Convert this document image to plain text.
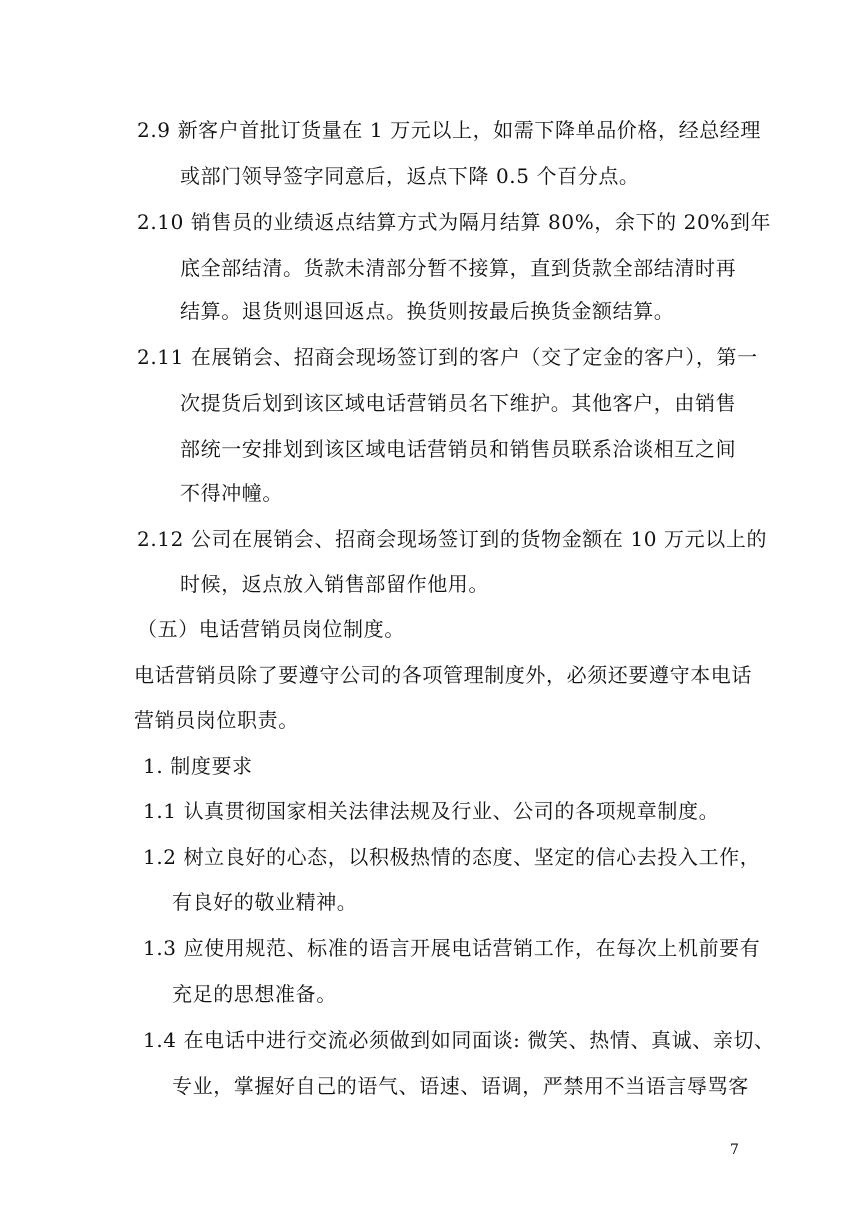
2.9 新客户首批订货量在 1 万元以上，如需下降单品价格，经总经理
或部门领导签字同意后，返点下降 0.5 个百分点。
2.10 销售员的业绩返点结算方式为隔月结算 80%，余下的 20%到年
底全部结清。货款未清部分暂不接算，直到货款全部结清时再
结算。退货则退回返点。换货则按最后换货金额结算。
2.11 在展销会、招商会现场签订到的客户（交了定金的客户），第一
次提货后划到该区域电话营销员名下维护。其他客户，由销售
部统一安排划到该区域电话营销员和销售员联系洽谈相互之间
不得冲幢。
2.12 公司在展销会、招商会现场签订到的货物金额在 10 万元以上的
时候，返点放入销售部留作他用。
（五）电话营销员岗位制度。
电话营销员除了要遵守公司的各项管理制度外，必须还要遵守本电话
营销员岗位职责。
1. 制度要求
1.1 认真贯彻国家相关法律法规及行业、公司的各项规章制度。
1.2 树立良好的心态，以积极热情的态度、坚定的信心去投入工作，
有良好的敬业精神。
1.3 应使用规范、标准的语言开展电话营销工作，在每次上机前要有
充足的思想准备。
1.4 在电话中进行交流必须做到如同面谈: 微笑、热情、真诚、亲切、
专业，掌握好自己的语气、语速、语调，严禁用不当语言辱骂客
7
